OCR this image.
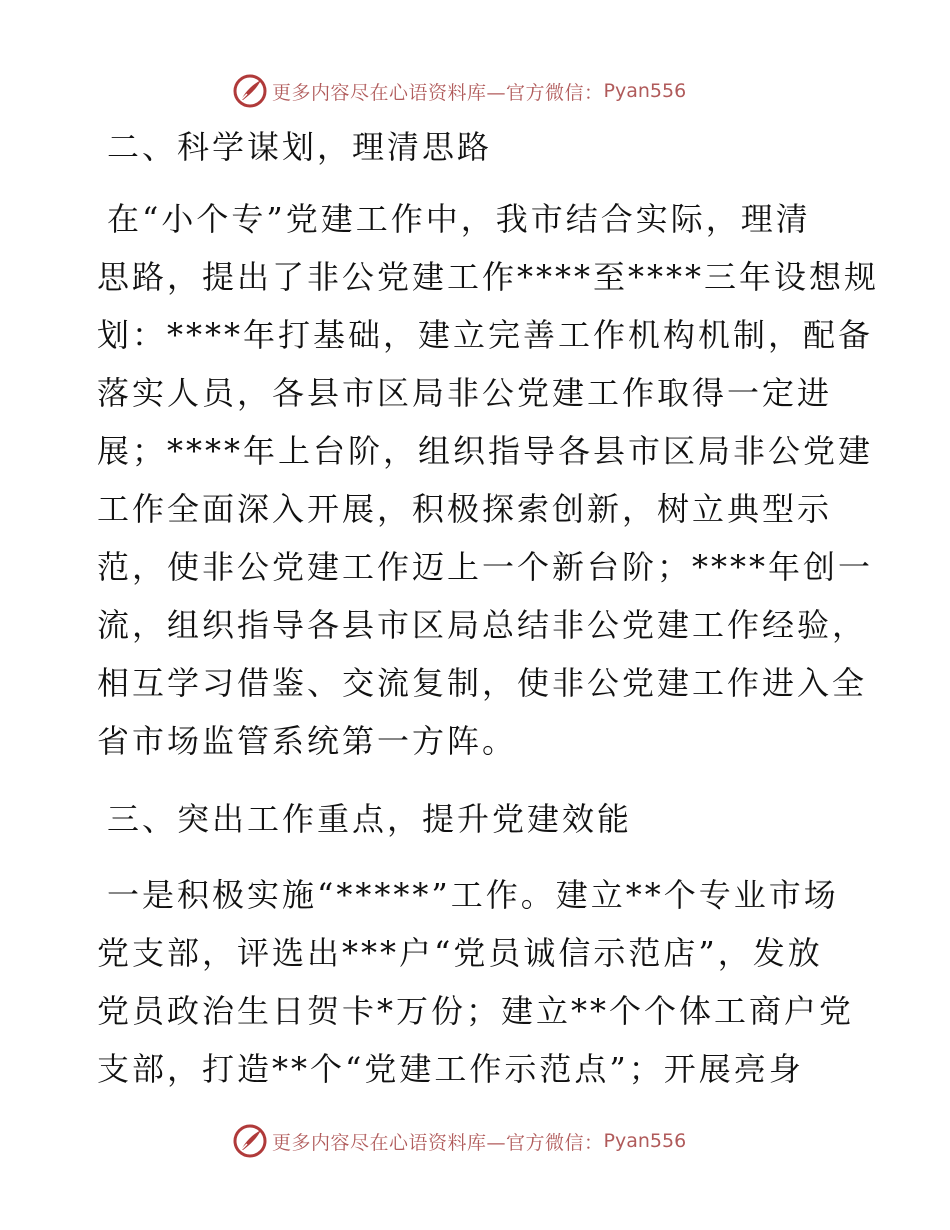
更多内容尽在心语资料库—官方微信： Pyan556
二、科学谋划，理清思路
在“小个专”党建工作中，我市结合实际，理清
思路，提出了非公党建工作****至****三年设想规
划：****年打基础，建立完善工作机构机制，配备
落实人员，各县市区局非公党建工作取得一定进
展；****年上台阶，组织指导各县市区局非公党建
工作全面深入开展，积极探索创新，树立典型示
范，使非公党建工作迈上一个新台阶；****年创一
流，组织指导各县市区局总结非公党建工作经验，
相互学习借鉴、交流复制，使非公党建工作进入全
省市场监管系统第一方阵。
三、突出工作重点，提升党建效能
一是积极实施“*****”工作。建立**个专业市场
党支部，评选出***户“党员诚信示范店”，发放
党员政治生日贺卡*万份；建立**个个体工商户党
支部，打造**个“党建工作示范点”；开展亮身
更多内容尽在心语资料库—官方微信： Pyan556
